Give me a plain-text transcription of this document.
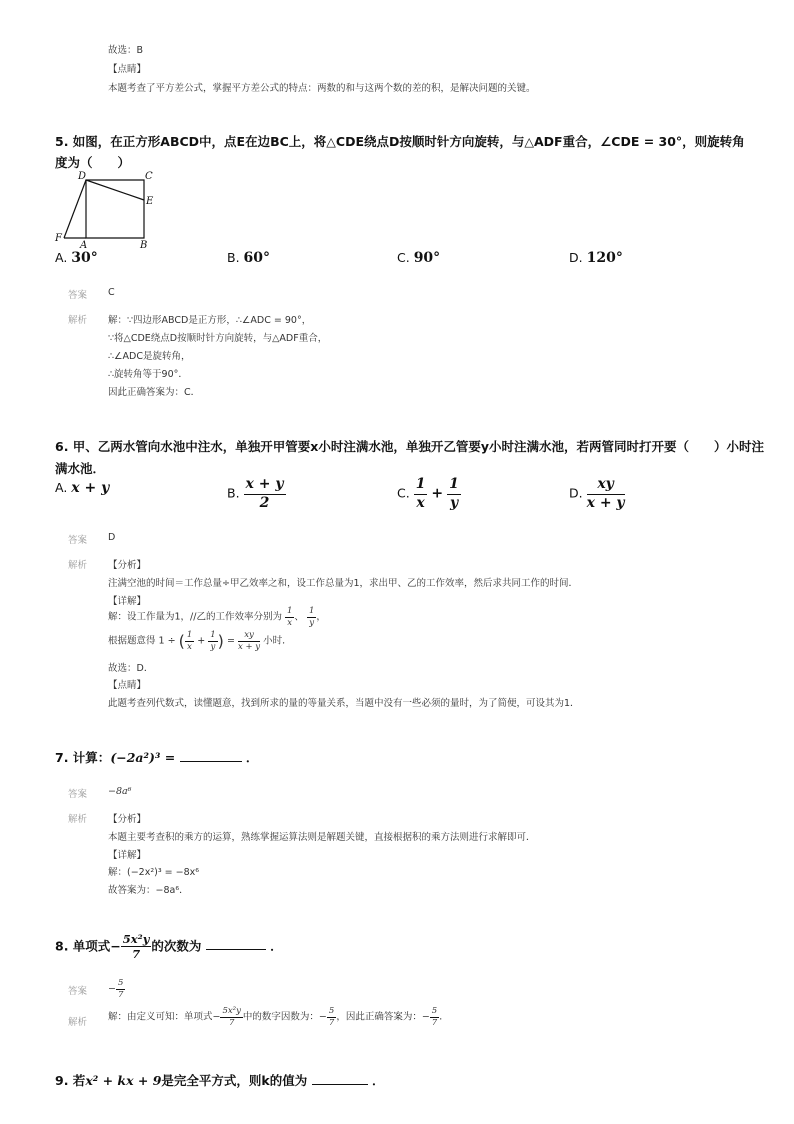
故选：B
【点睛】
本题考查了平方差公式，掌握平方差公式的特点：两数的和与这两个数的差的积，是解决问题的关键。
5. 如图，在正方形ABCD中，点E在边BC上，将△CDE绕点D按顺时针方向旋转，与△ADF重合，∠CDE = 30°，则旋转角
度为（　　）
D	C
E
F
A	B
A. 30°	B. 60°	C. 90°	D. 120°
答案 C
解析 解：∵四边形ABCD是正方形，∴∠ADC = 90°，
∵将△CDE绕点D按顺时针方向旋转，与△ADF重合，
∴∠ADC是旋转角，
∴旋转角等于90°．
因此正确答案为：C．
6. 甲、乙两水管向水池中注水，单独开甲管要x小时注满水池，单独开乙管要y小时注满水池，若两管同时打开要（　　）小时注
满水池．
A. x + y	B. $\frac{x + y}{2}$	C. $\frac{1}{x} + \frac{1}{y}$	D. $\frac{xy}{x + y}$
答案 D
解析 【分析】
注满空池的时间＝工作总量÷甲乙效率之和，设工作总量为1，求出甲、乙的工作效率，然后求共同工作的时间．
【详解】
解：设工作量为1，//乙的工作效率分别为 $\frac{1}{x}$ 、 $\frac{1}{y}$ ，
根据题意得 1 ÷ ( $\frac{1}{x} + \frac{1}{y}$ ) = $\frac{xy}{x + y}$ 小时．
故选：D．
【点睛】
此题考查列代数式，读懂题意，找到所求的量的等量关系，当题中没有一些必须的量时，为了简便，可设其为1．
7. 计算：(−2a²)³ =	．
答案 −8a⁶
解析 【分析】
本题主要考查积的乘方的运算，熟练掌握运算法则是解题关键，直接根据积的乘方法则进行求解即可．
【详解】
解：(−2x²)³ = −8x⁶
故答案为：−8a⁶．
8. 单项式− $\frac{\text{5x²y}}{7}$ 的次数为	．
答案 − $\frac{5}{7}$
解析 解：由定义可知：单项式− $\frac{\text{5x²y}}{7}$ 中的数字因数为：− $\frac{5}{7}$ ，因此正确答案为：− $\frac{5}{7}$ ．
9. 若x² + kx + 9是完全平方式，则k的值为	．
